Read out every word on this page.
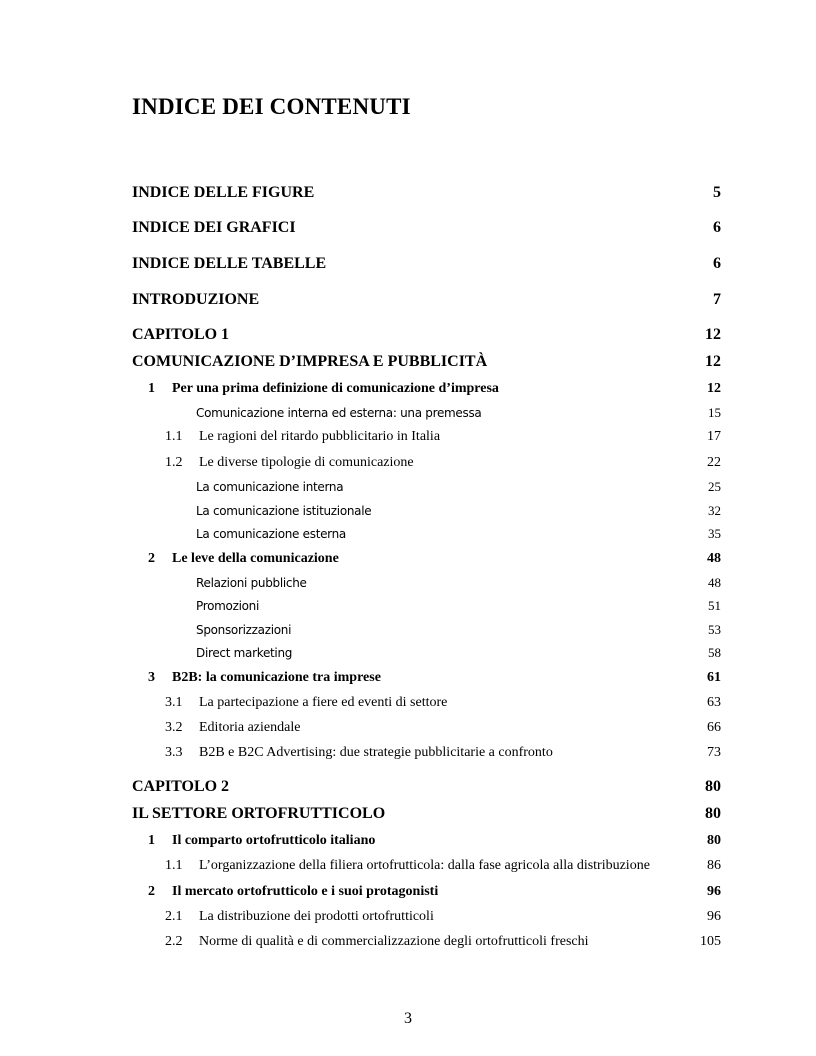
INDICE DEI CONTENUTI
INDICE DELLE FIGURE	5
INDICE DEI GRAFICI	6
INDICE DELLE TABELLE	6
INTRODUZIONE	7
CAPITOLO 1	12
COMUNICAZIONE D’IMPRESA E PUBBLICITÀ	12
1 Per una prima definizione di comunicazione d’impresa	12
Comunicazione interna ed esterna: una premessa	15
1.1 Le ragioni del ritardo pubblicitario in Italia	17
1.2 Le diverse tipologie di comunicazione	22
La comunicazione interna	25
La comunicazione istituzionale	32
La comunicazione esterna	35
2 Le leve della comunicazione	48
Relazioni pubbliche	48
Promozioni	51
Sponsorizzazioni	53
Direct marketing	58
3 B2B: la comunicazione tra imprese	61
3.1 La partecipazione a fiere ed eventi di settore	63
3.2 Editoria aziendale	66
3.3 B2B e B2C Advertising: due strategie pubblicitarie a confronto	73
CAPITOLO 2	80
IL SETTORE ORTOFRUTTICOLO	80
1 Il comparto ortofrutticolo italiano	80
1.1 L’organizzazione della filiera ortofrutticola: dalla fase agricola alla distribuzione	86
2 Il mercato ortofrutticolo e i suoi protagonisti	96
2.1 La distribuzione dei prodotti ortofrutticoli	96
2.2 Norme di qualità e di commercializzazione degli ortofrutticoli freschi	105
3
